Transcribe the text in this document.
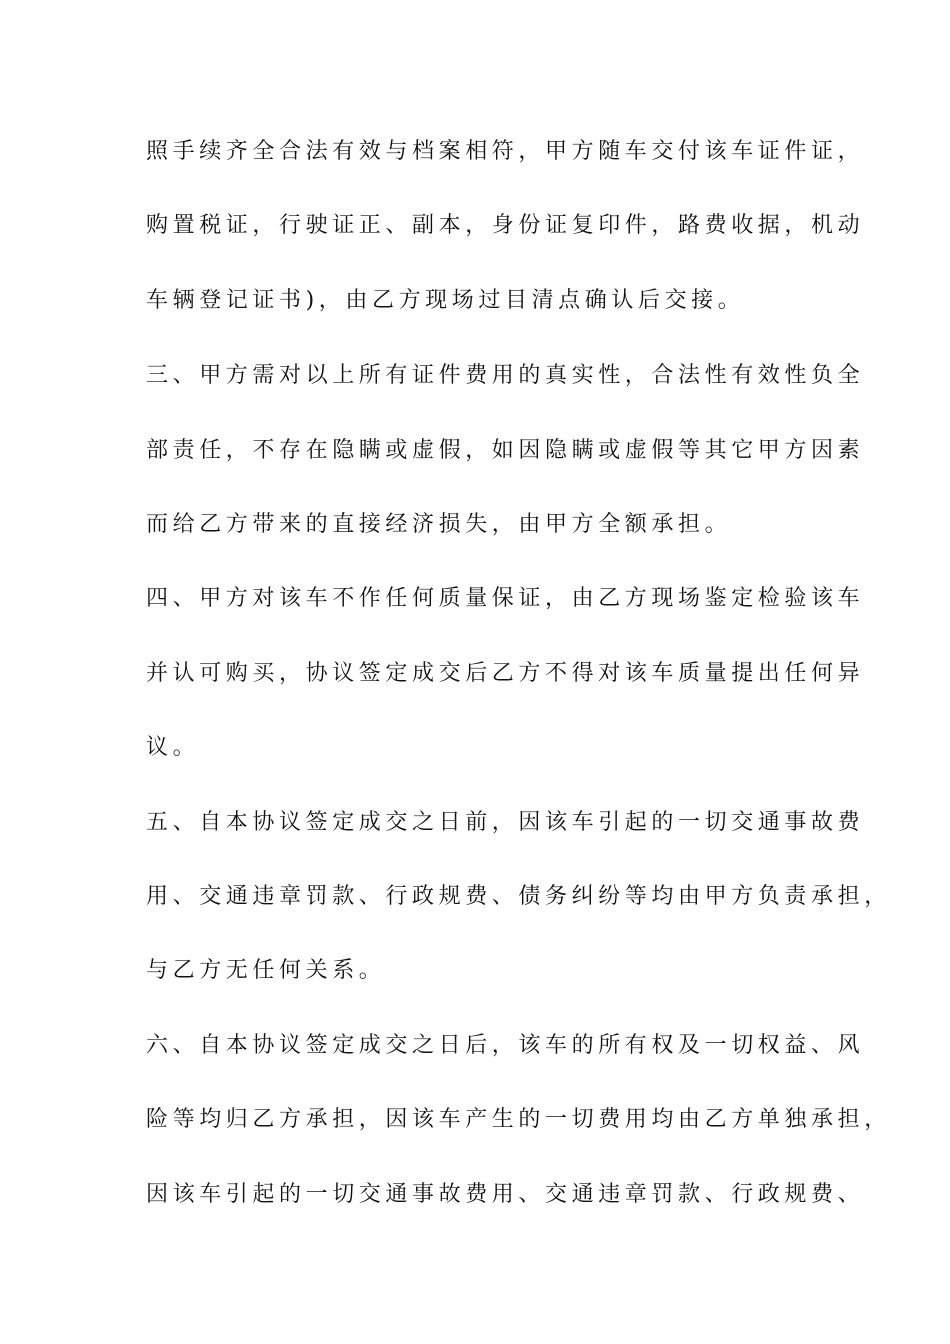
照手续齐全合法有效与档案相符，甲方随车交付该车证件证，
购置税证，行驶证正、副本，身份证复印件，路费收据，机动
车辆登记证书)，由乙方现场过目清点确认后交接。
三、甲方需对以上所有证件费用的真实性，合法性有效性负全
部责任，不存在隐瞒或虚假，如因隐瞒或虚假等其它甲方因素
而给乙方带来的直接经济损失，由甲方全额承担。
四、甲方对该车不作任何质量保证，由乙方现场鉴定检验该车
并认可购买，协议签定成交后乙方不得对该车质量提出任何异
议。
五、自本协议签定成交之日前，因该车引起的一切交通事故费
用、交通违章罚款、行政规费、债务纠纷等均由甲方负责承担，
与乙方无任何关系。
六、自本协议签定成交之日后，该车的所有权及一切权益、风
险等均归乙方承担，因该车产生的一切费用均由乙方单独承担，
因该车引起的一切交通事故费用、交通违章罚款、行政规费、
